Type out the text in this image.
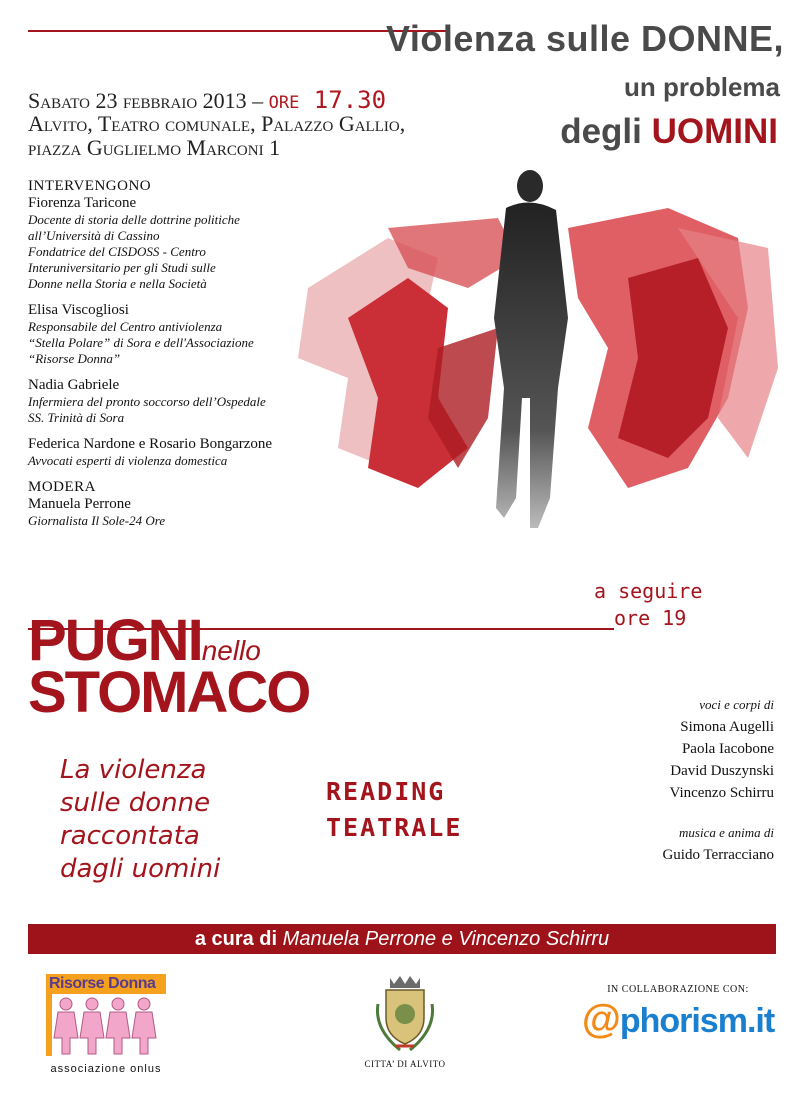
Violenza sulle DONNE,
un problema
degli UOMINI
Sabato 23 febbraio 2013 – ore 17.30
Alvito, Teatro comunale, Palazzo Gallio,
piazza Guglielmo Marconi 1
INTERVENGONO
Fiorenza Taricone
Docente di storia delle dottrine politiche
all’Università di Cassino
Fondatrice del CISDOSS - Centro
Interuniversitario per gli Studi sulle
Donne nella Storia e nella Società
Elisa Viscogliosi
Responsabile del Centro antiviolenza
“Stella Polare” di Sora e dell'Associazione
“Risorse Donna”
Nadia Gabriele
Infermiera del pronto soccorso dell’Ospedale
SS. Trinità di Sora
Federica Nardone e Rosario Bongarzone
Avvocati esperti di violenza domestica
MODERA
Manuela Perrone
Giornalista Il Sole-24 Ore
a seguire
ore 19
PUGNInello
STOMACO
La violenza
sulle donne
raccontata
dagli uomini
READING
TEATRALE
voci e corpi di
Simona Augelli
Paola Iacobone
David Duszynski
Vincenzo Schirru
musica e anima di
Guido Terracciano
a cura di Manuela Perrone e Vincenzo Schirru
Risorse Donna
associazione onlus	CITTA’ DI ALVITO
IN COLLABORAZIONE CON:
@phorism.it
